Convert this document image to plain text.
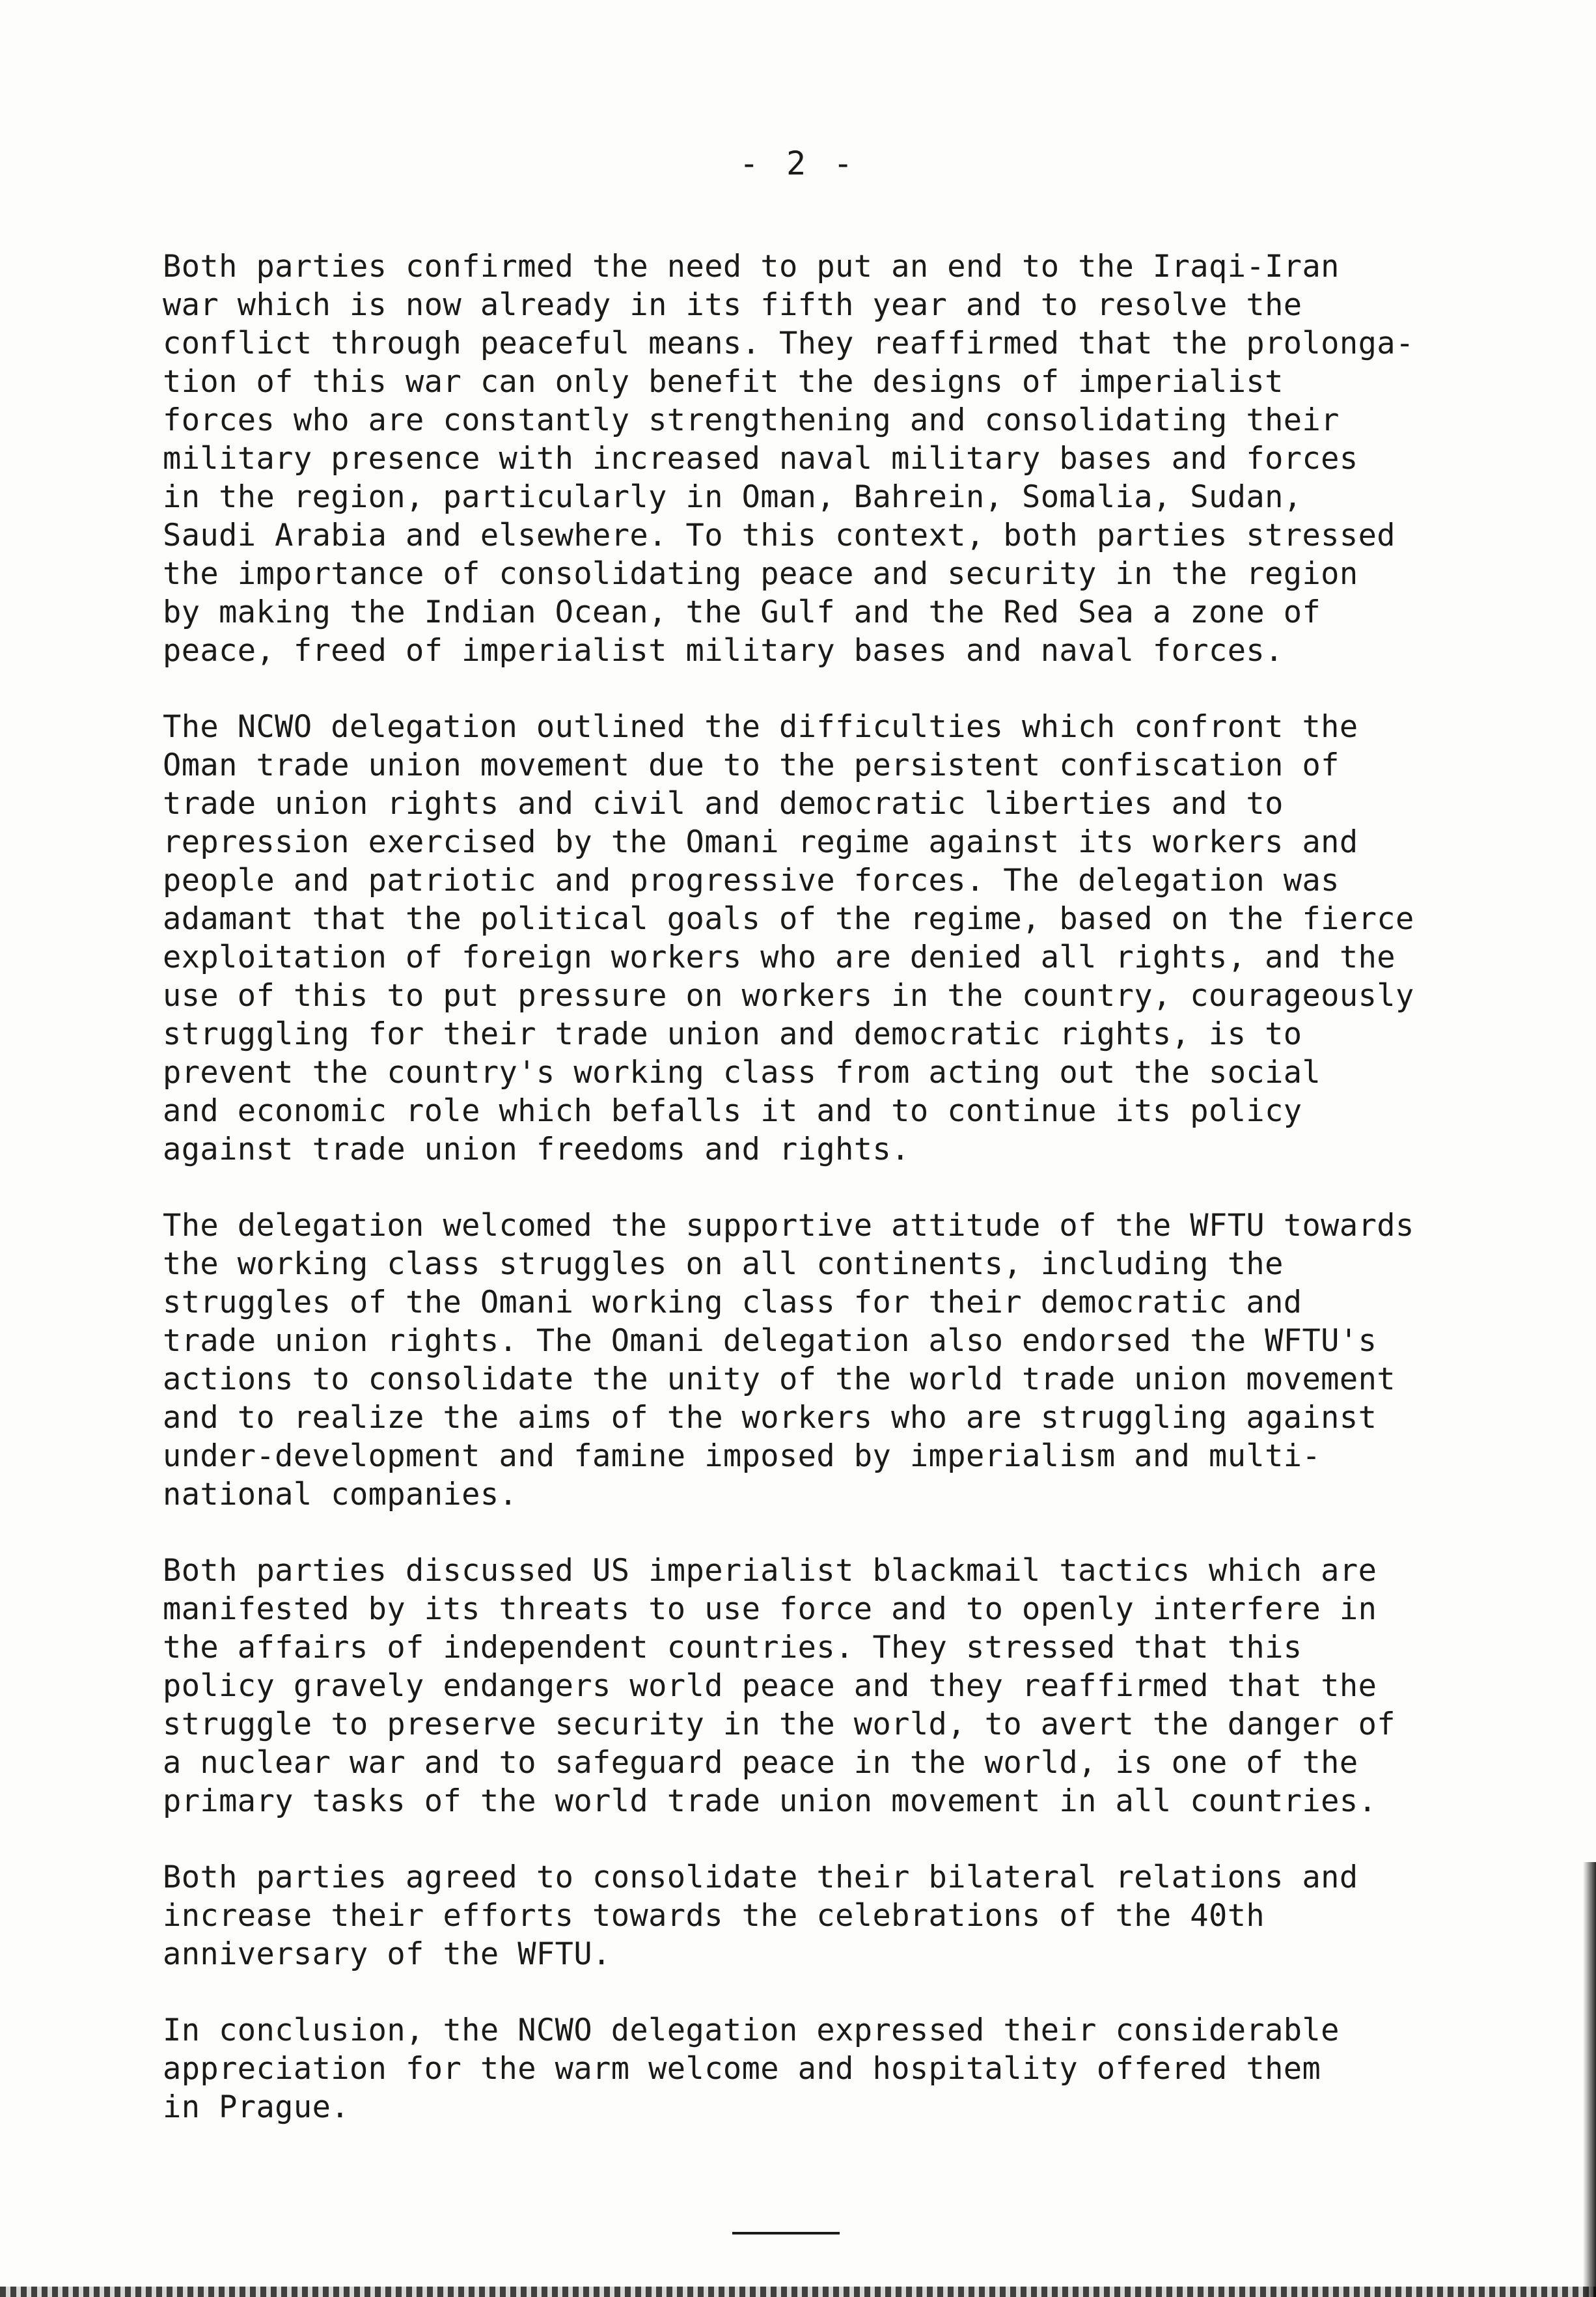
- 2 -
Both parties confirmed the need to put an end to the Iraqi-Iran
war which is now already in its fifth year and to resolve the
conflict through peaceful means. They reaffirmed that the prolonga-
tion of this war can only benefit the designs of imperialist
forces who are constantly strengthening and consolidating their
military presence with increased naval military bases and forces
in the region, particularly in Oman, Bahrein, Somalia, Sudan,
Saudi Arabia and elsewhere. To this context, both parties stressed
the importance of consolidating peace and security in the region
by making the Indian Ocean, the Gulf and the Red Sea a zone of
peace, freed of imperialist military bases and naval forces.
The NCWO delegation outlined the difficulties which confront the
Oman trade union movement due to the persistent confiscation of
trade union rights and civil and democratic liberties and to
repression exercised by the Omani regime against its workers and
people and patriotic and progressive forces. The delegation was
adamant that the political goals of the regime, based on the fierce
exploitation of foreign workers who are denied all rights, and the
use of this to put pressure on workers in the country, courageously
struggling for their trade union and democratic rights, is to
prevent the country's working class from acting out the social
and economic role which befalls it and to continue its policy
against trade union freedoms and rights.
The delegation welcomed the supportive attitude of the WFTU towards
the working class struggles on all continents, including the
struggles of the Omani working class for their democratic and
trade union rights. The Omani delegation also endorsed the WFTU's
actions to consolidate the unity of the world trade union movement
and to realize the aims of the workers who are struggling against
under-development and famine imposed by imperialism and multi-
national companies.
Both parties discussed US imperialist blackmail tactics which are
manifested by its threats to use force and to openly interfere in
the affairs of independent countries. They stressed that this
policy gravely endangers world peace and they reaffirmed that the
struggle to preserve security in the world, to avert the danger of
a nuclear war and to safeguard peace in the world, is one of the
primary tasks of the world trade union movement in all countries.
Both parties agreed to consolidate their bilateral relations and
increase their efforts towards the celebrations of the 40th
anniversary of the WFTU.
In conclusion, the NCWO delegation expressed their considerable
appreciation for the warm welcome and hospitality offered them
in Prague.
